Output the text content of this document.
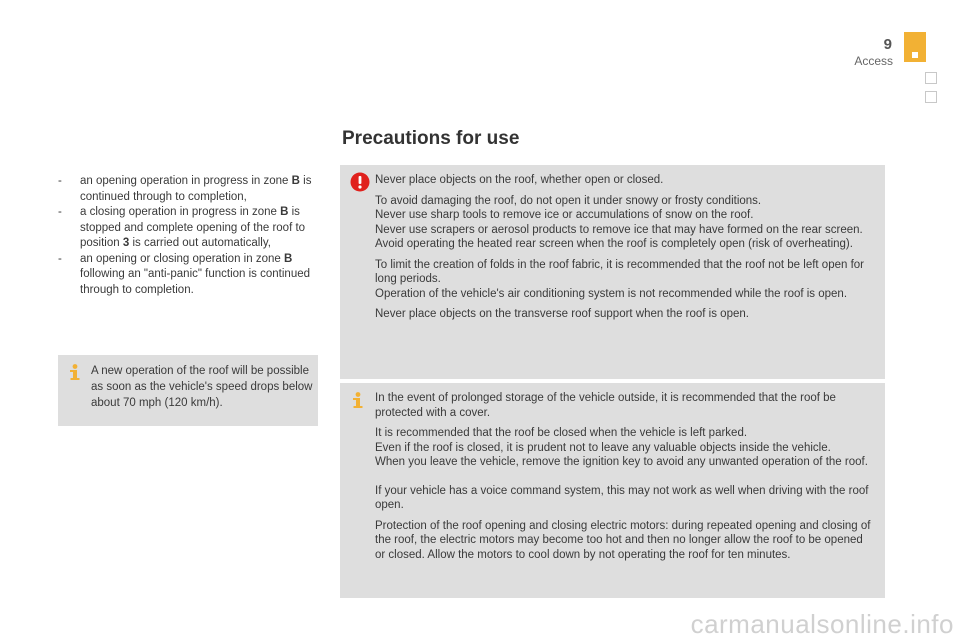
9
Access
Precautions for use
- an opening operation in progress in zone B is continued through to completion,
- a closing operation in progress in zone B is stopped and complete opening of the roof to position 3 is carried out automatically,
- an opening or closing operation in zone B following an "anti-panic" function is continued through to completion.
A new operation of the roof will be possible as soon as the vehicle's speed drops below about 70 mph (120 km/h).

Never place objects on the roof, whether open or closed.

To avoid damaging the roof, do not open it under snowy or frosty conditions.
Never use sharp tools to remove ice or accumulations of snow on the roof.
Never use scrapers or aerosol products to remove ice that may have formed on the rear screen.
Avoid operating the heated rear screen when the roof is completely open (risk of overheating).

To limit the creation of folds in the roof fabric, it is recommended that the roof not be left open for long periods.
Operation of the vehicle's air conditioning system is not recommended while the roof is open.

Never place objects on the transverse roof support when the roof is open.

In the event of prolonged storage of the vehicle outside, it is recommended that the roof be protected with a cover.

It is recommended that the roof be closed when the vehicle is left parked.
Even if the roof is closed, it is prudent not to leave any valuable objects inside the vehicle.
When you leave the vehicle, remove the ignition key to avoid any unwanted operation of the roof.

If your vehicle has a voice command system, this may not work as well when driving with the roof open.

Protection of the roof opening and closing electric motors: during repeated opening and closing of the roof, the electric motors may become too hot and then no longer allow the roof to be opened or closed. Allow the motors to cool down by not operating the roof for ten minutes.

carmanualsonline.info
